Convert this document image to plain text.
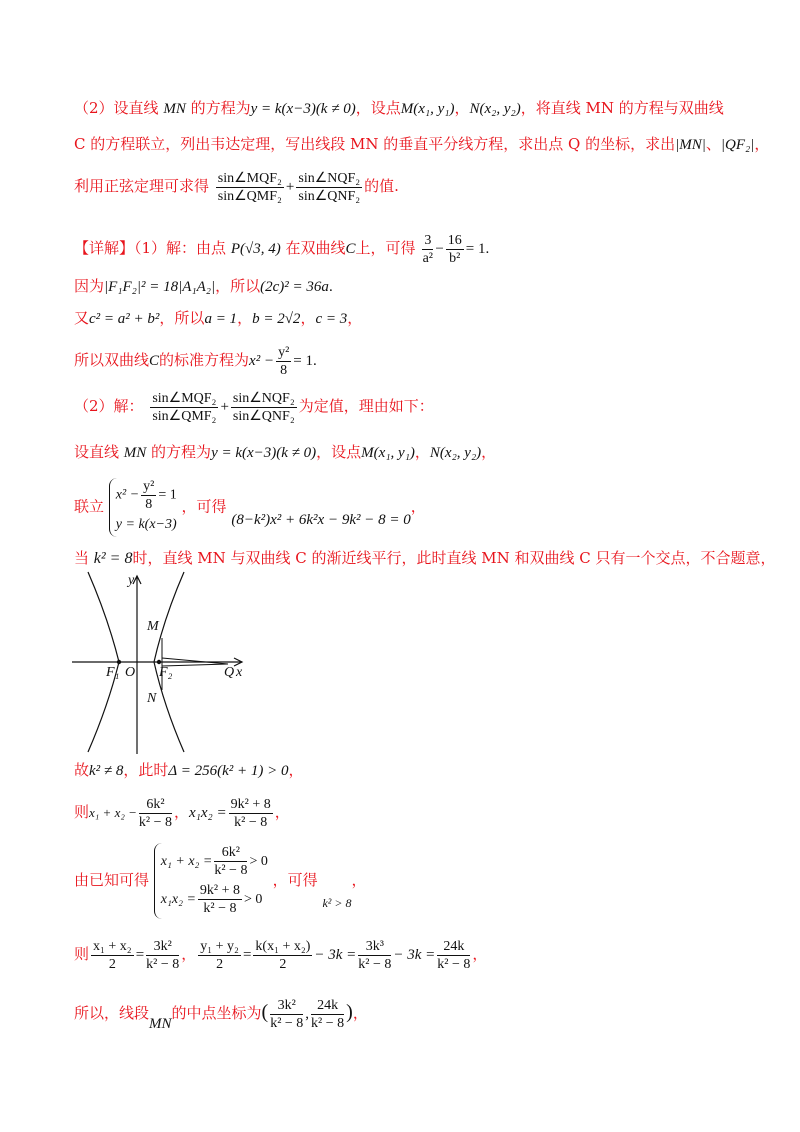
（2）设直线 MN 的方程为y = k(x−3)(k ≠ 0)，设点M(x₁, y₁)，N(x₂, y₂)，将直线 MN 的方程与双曲线
C 的方程联立，列出韦达定理，写出线段 MN 的垂直平分线方程，求出点 Q 的坐标，求出|MN|、|QF₂|，
利用正弦定理可求得 $\frac{\text{sin∠MQF₂}}{\text{sin∠QMF₂}} + \frac{\text{sin∠NQF₂}}{\text{sin∠QNF₂}}$ 的值.
【详解】（1）解：由点 P(√3, 4) 在双曲线C上，可得 $\frac{3}{\text{a²}} - \frac{16}{\text{b²}} = 1$.
因为|F₁F₂|² = 18|A₁A₂|，所以(2c)² = 36a.
又c² = a² + b²，所以a = 1，b = 2√2，c = 3，
所以双曲线C的标准方程为$x^2 - \frac{\text{y²}}{8} = 1$.
（2）解： $\frac{\text{sin∠MQF₂}}{\text{sin∠QMF₂}} + \frac{\text{sin∠NQF₂}}{\text{sin∠QNF₂}}$ 为定值，理由如下：
设直线 MN 的方程为y = k(x−3)(k ≠ 0)，设点M(x₁, y₁)，N(x₂, y₂)，
联立
$x^2 - \frac{\text{y²}}{8} = 1$
y = k(x−3)
，可得 (8−k²)x² + 6k²x − 9k² − 8 = 0，
当 k² = 8时，直线 MN 与双曲线 C 的渐近线平行，此时直线 MN 和双曲线 C 只有一个交点，不合题意，
y
x
M
N
F₁ O F₂	Q
故k² ≠ 8，此时Δ = 256(k² + 1) > 0，
则$x_1 + x_2 - \frac{\text{6k²}}{\text{k² − 8}}$ ，$x_1x_2 = \frac{\text{9k² + 8}}{\text{k² − 8}}$ ，
由已知可得
$x_1 + x_2 = \frac{\text{6k²}}{\text{k² − 8}} > 0$
$x_1x_2 = \frac{\text{9k² + 8}}{\text{k² − 8}} > 0$
，可得 $_{k^2 > 8}$，
则 $\frac{\text{x₁ + x₂}}{2} = \frac{\text{3k²}}{\text{k² − 8}}$ ， $\frac{\text{y₁ + y₂}}{2} = \frac{\text{k(x₁ + x₂)}}{2} - 3k = \frac{\text{3k³}}{\text{k² − 8}} - 3k = \frac{24k}{\text{k² − 8}}$ ，
所以，线段MN的中点坐标为( $\frac{\text{3k²}}{\text{k² − 8}}$ , $\frac{24k}{\text{k² − 8}}$ )，
